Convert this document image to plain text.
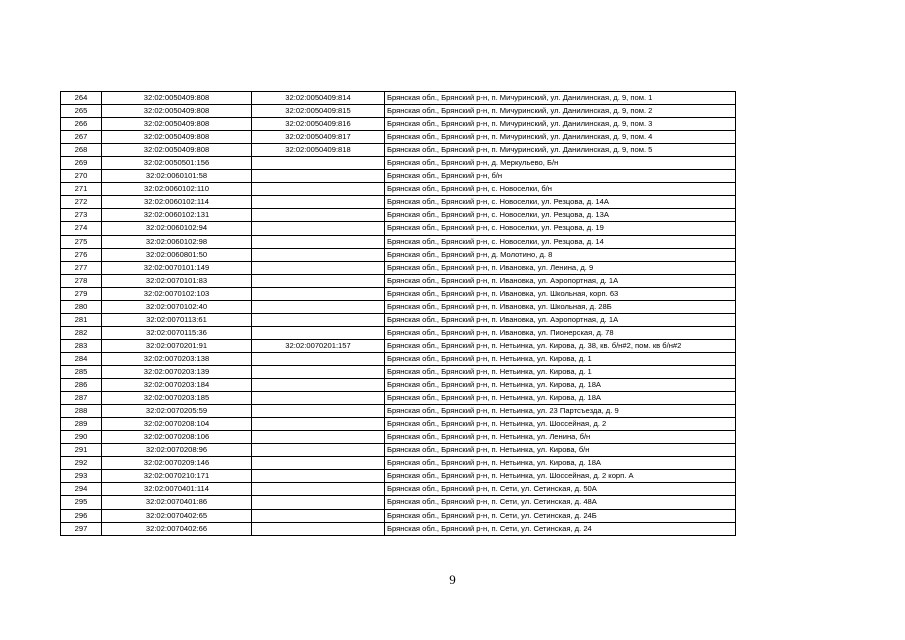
264	32:02:0050409:808	32:02:0050409:814	Брянская обл., Брянский р-н, п. Мичуринский, ул. Данилинская, д. 9, пом. 1
265	32:02:0050409:808	32:02:0050409:815	Брянская обл., Брянский р-н, п. Мичуринский, ул. Данилинская, д. 9, пом. 2
266	32:02:0050409:808	32:02:0050409:816	Брянская обл., Брянский р-н, п. Мичуринский, ул. Данилинская, д. 9, пом. 3
267	32:02:0050409:808	32:02:0050409:817	Брянская обл., Брянский р-н, п. Мичуринский, ул. Данилинская, д. 9, пом. 4
268	32:02:0050409:808	32:02:0050409:818	Брянская обл., Брянский р-н, п. Мичуринский, ул. Данилинская, д. 9, пом. 5
269	32:02:0050501:156		Брянская обл., Брянский р-н, д. Меркульево, Б/н
270	32:02:0060101:58		Брянская обл., Брянский р-н, б/н
271	32:02:0060102:110		Брянская обл., Брянский р-н, с. Новоселки, б/н
272	32:02:0060102:114		Брянская обл., Брянский р-н, с. Новоселки, ул. Резцова, д. 14А
273	32:02:0060102:131		Брянская обл., Брянский р-н, с. Новоселки, ул. Резцова, д. 13А
274	32:02:0060102:94		Брянская обл., Брянский р-н, с. Новоселки, ул. Резцова, д. 19
275	32:02:0060102:98		Брянская обл., Брянский р-н, с. Новоселки, ул. Резцова, д. 14
276	32:02:0060801:50		Брянская обл., Брянский р-н, д. Молотино, д. 8
277	32:02:0070101:149		Брянская обл., Брянский р-н, п. Ивановка, ул. Ленина, д. 9
278	32:02:0070101:83		Брянская обл., Брянский р-н, п. Ивановка, ул. Аэропортная, д. 1А
279	32:02:0070102:103		Брянская обл., Брянский р-н, п. Ивановка, ул. Школьная, корп. 63
280	32:02:0070102:40		Брянская обл., Брянский р-н, п. Ивановка, ул. Школьная, д. 28Б
281	32:02:0070113:61		Брянская обл., Брянский р-н, п. Ивановка, ул. Аэропортная, д. 1А
282	32:02:0070115:36		Брянская обл., Брянский р-н, п. Ивановка, ул. Пионерская, д. 78
283	32:02:0070201:91	32:02:0070201:157	Брянская обл., Брянский р-н, п. Нетьинка, ул. Кирова, д. 38, кв. б/н#2, пом. кв б/н#2
284	32:02:0070203:138		Брянская обл., Брянский р-н, п. Нетьинка, ул. Кирова, д. 1
285	32:02:0070203:139		Брянская обл., Брянский р-н, п. Нетьинка, ул. Кирова, д. 1
286	32:02:0070203:184		Брянская обл., Брянский р-н, п. Нетьинка, ул. Кирова, д. 18А
287	32:02:0070203:185		Брянская обл., Брянский р-н, п. Нетьинка, ул. Кирова, д. 18А
288	32:02:0070205:59		Брянская обл., Брянский р-н, п. Нетьинка, ул. 23 Партсъезда, д. 9
289	32:02:0070208:104		Брянская обл., Брянский р-н, п. Нетьинка, ул. Шоссейная, д. 2
290	32:02:0070208:106		Брянская обл., Брянский р-н, п. Нетьинка, ул. Ленина, б/н
291	32:02:0070208:96		Брянская обл., Брянский р-н, п. Нетьинка, ул. Кирова, б/н
292	32:02:0070209:146		Брянская обл., Брянский р-н, п. Нетьинка, ул. Кирова, д. 18А
293	32:02:0070210:171		Брянская обл., Брянский р-н, п. Нетьинка, ул. Шоссейная, д. 2 корп. А
294	32:02:0070401:114		Брянская обл., Брянский р-н, п. Сети, ул. Сетинская, д. 50А
295	32:02:0070401:86		Брянская обл., Брянский р-н, п. Сети, ул. Сетинская, д. 48А
296	32:02:0070402:65		Брянская обл., Брянский р-н, п. Сети, ул. Сетинская, д. 24Б
297	32:02:0070402:66		Брянская обл., Брянский р-н, п. Сети, ул. Сетинская, д. 24
9
